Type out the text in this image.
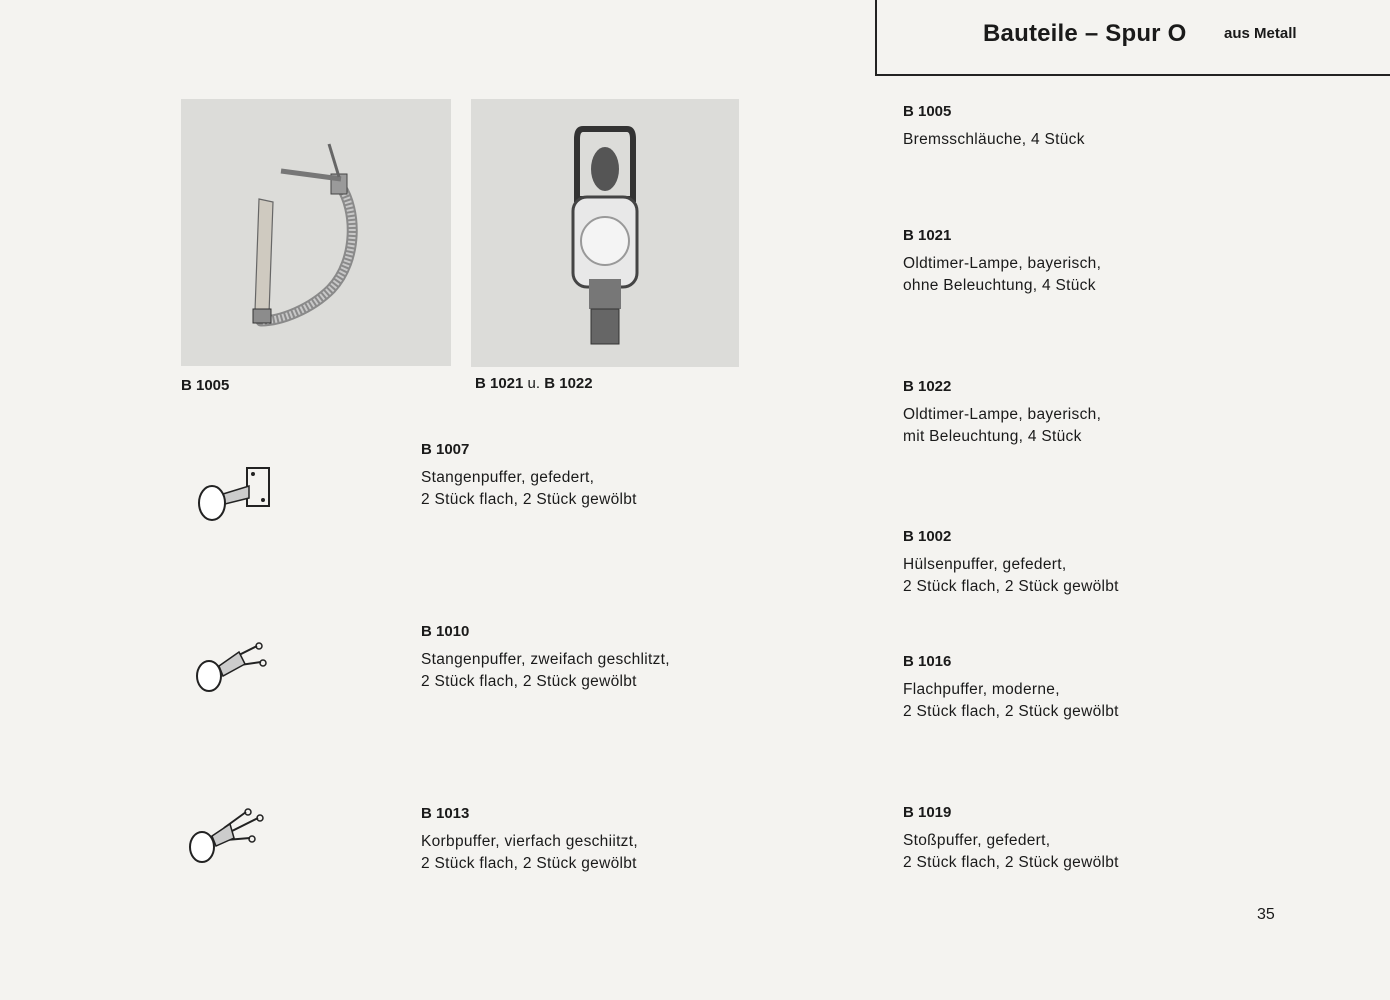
Bauteile – Spur O	aus Metall
B 1005	B 1021 u. B 1022
B 1007
Stangenpuffer, gefedert,
2 Stück flach, 2 Stück gewölbt
B 1010
Stangenpuffer, zweifach geschlitzt,
2 Stück flach, 2 Stück gewölbt
B 1013
Korbpuffer, vierfach geschiitzt,
2 Stück flach, 2 Stück gewölbt
B 1005
Bremsschläuche, 4 Stück
B 1021
Oldtimer-Lampe, bayerisch,
ohne Beleuchtung, 4 Stück
B 1022
Oldtimer-Lampe, bayerisch,
mit Beleuchtung, 4 Stück
B 1002
Hülsenpuffer, gefedert,
2 Stück flach, 2 Stück gewölbt
B 1016
Flachpuffer, moderne,
2 Stück flach, 2 Stück gewölbt
B 1019
Stoßpuffer, gefedert,
2 Stück flach, 2 Stück gewölbt
35
